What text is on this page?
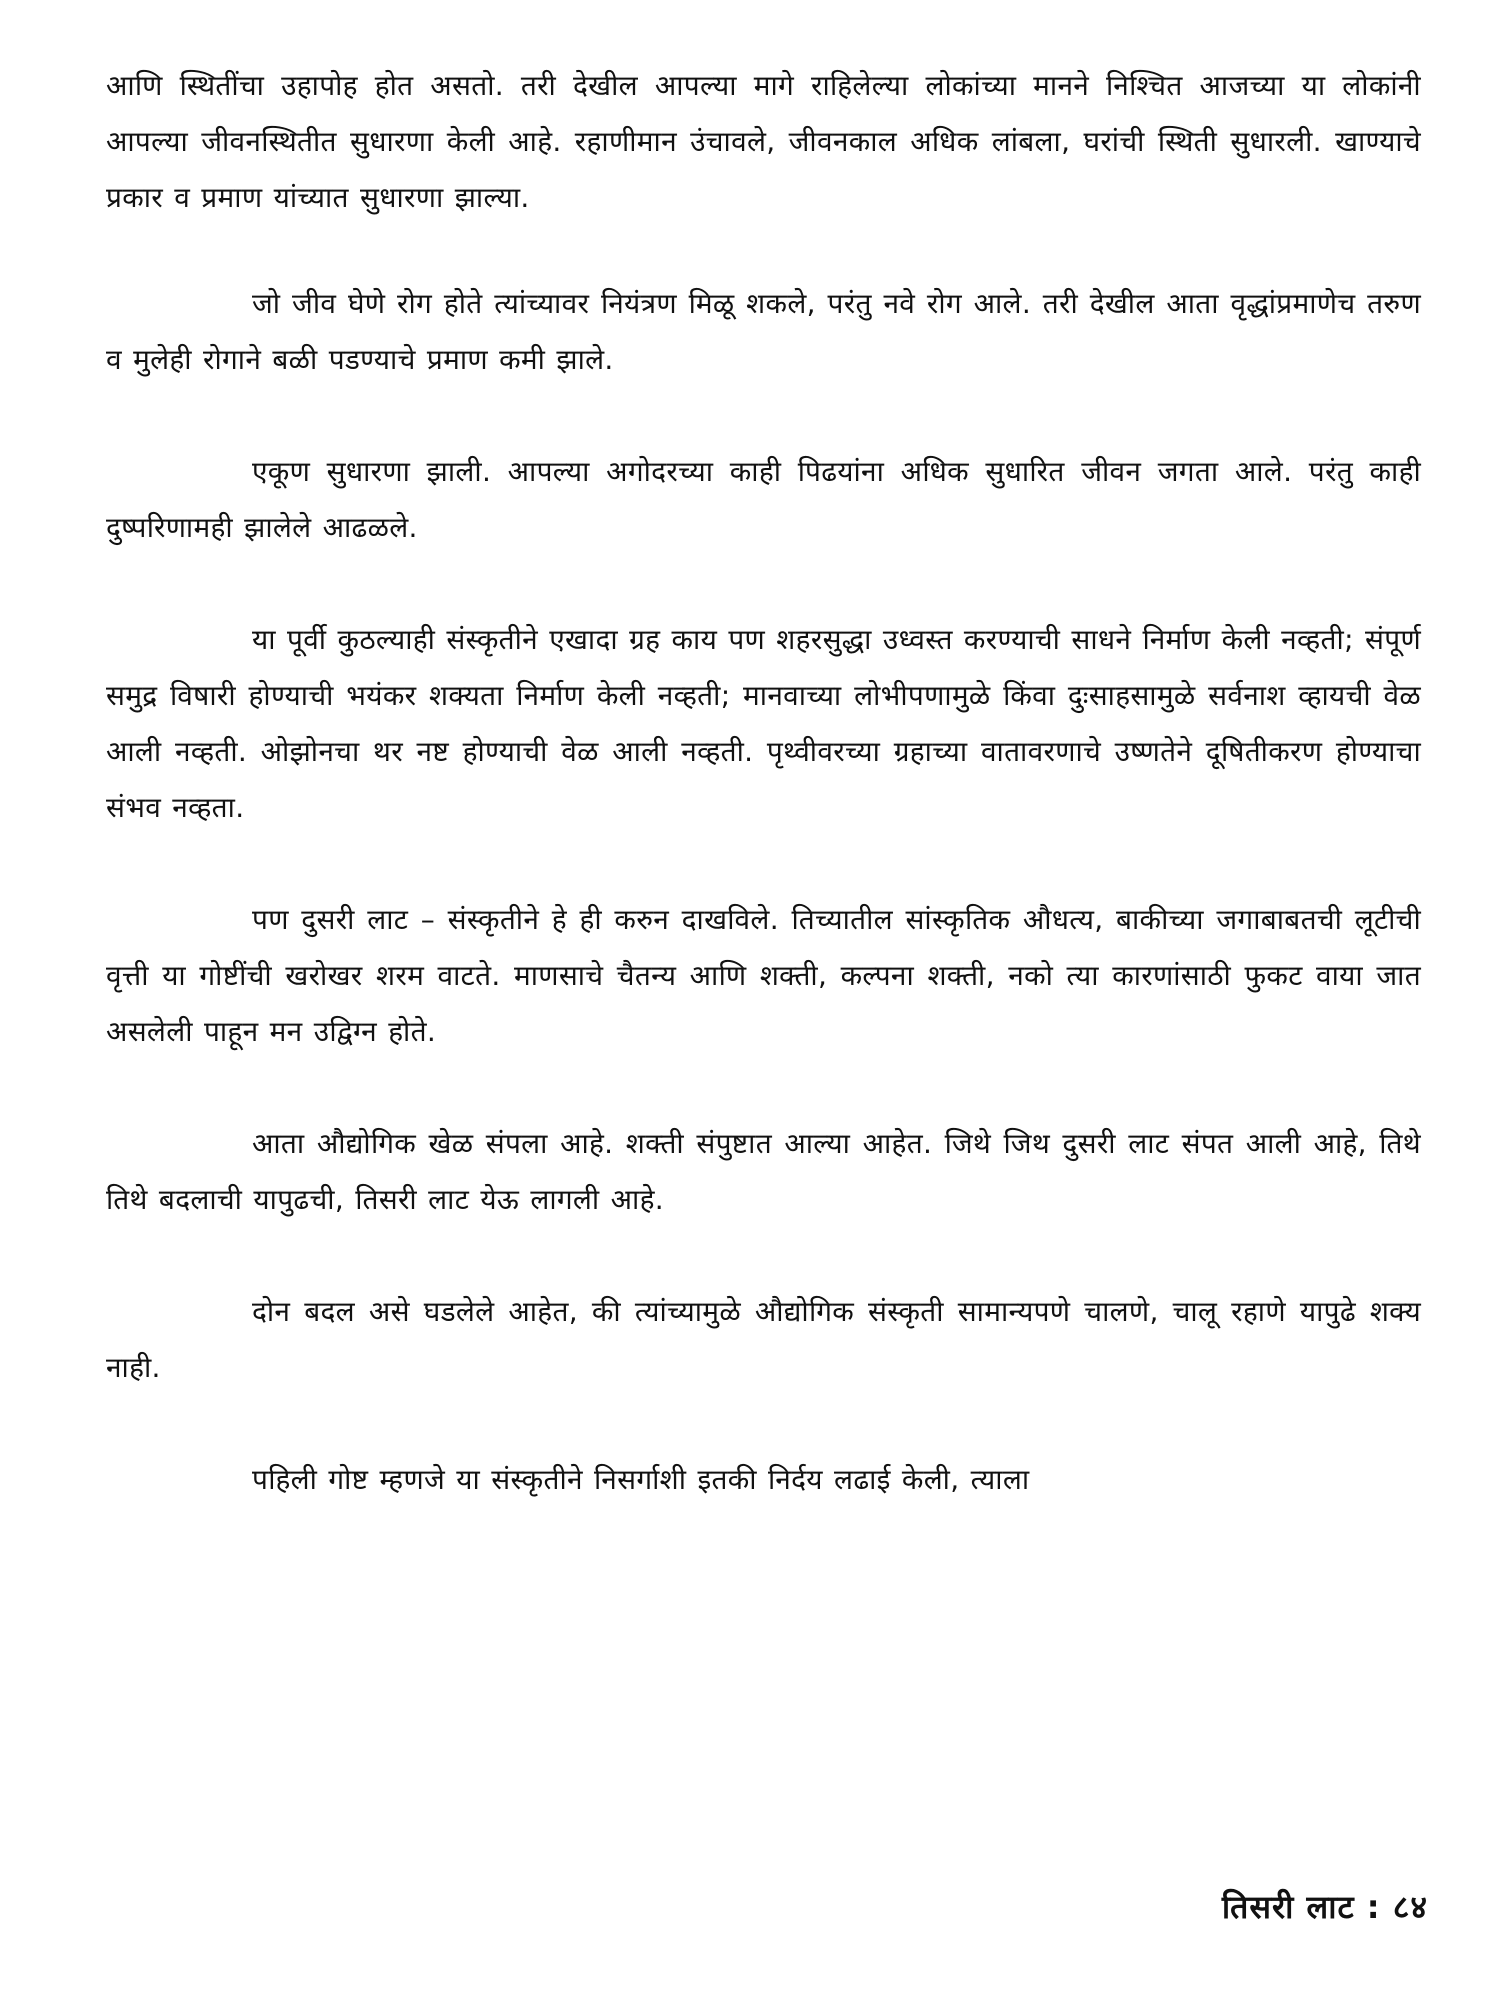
आणि स्थितींचा उहापोह होत असतो. तरी देखील आपल्या मागे राहिलेल्या लोकांच्या मानने निश्चित आजच्या या लोकांनी आपल्या जीवनस्थितीत सुधारणा केली आहे. रहाणीमान उंचावले, जीवनकाल अधिक लांबला, घरांची स्थिती सुधारली. खाण्याचे प्रकार व प्रमाण यांच्यात सुधारणा झाल्या.

जो जीव घेणे रोग होते त्यांच्यावर नियंत्रण मिळू शकले, परंतु नवे रोग आले. तरी देखील आता वृद्धांप्रमाणेच तरुण व मुलेही रोगाने बळी पडण्याचे प्रमाण कमी झाले.

एकूण सुधारणा झाली. आपल्या अगोदरच्या काही पिढयांना अधिक सुधारित जीवन जगता आले. परंतु काही दुष्परिणामही झालेले आढळले.

या पूर्वी कुठल्याही संस्कृतीने एखादा ग्रह काय पण शहरसुद्धा उध्वस्त करण्याची साधने निर्माण केली नव्हती; संपूर्ण समुद्र विषारी होण्याची भयंकर शक्यता निर्माण केली नव्हती; मानवाच्या लोभीपणामुळे किंवा दुःसाहसामुळे सर्वनाश व्हायची वेळ आली नव्हती. ओझोनचा थर नष्ट होण्याची वेळ आली नव्हती. पृथ्वीवरच्या ग्रहाच्या वातावरणाचे उष्णतेने दूषितीकरण होण्याचा संभव नव्हता.

पण दुसरी लाट – संस्कृतीने हे ही करुन दाखविले. तिच्यातील सांस्कृतिक औधत्य, बाकीच्या जगाबाबतची लूटीची वृत्ती या गोष्टींची खरोखर शरम वाटते. माणसाचे चैतन्य आणि शक्ती, कल्पना शक्ती, नको त्या कारणांसाठी फुकट वाया जात असलेली पाहून मन उद्विग्न होते.

आता औद्योगिक खेळ संपला आहे. शक्ती संपुष्टात आल्या आहेत. जिथे जिथ दुसरी लाट संपत आली आहे, तिथे तिथे बदलाची यापुढची, तिसरी लाट येऊ लागली आहे.

दोन बदल असे घडलेले आहेत, की त्यांच्यामुळे औद्योगिक संस्कृती सामान्यपणे चालणे, चालू रहाणे यापुढे शक्य नाही.

पहिली गोष्ट म्हणजे या संस्कृतीने निसर्गाशी इतकी निर्दय लढाई केली, त्याला

तिसरी लाट : ८४
